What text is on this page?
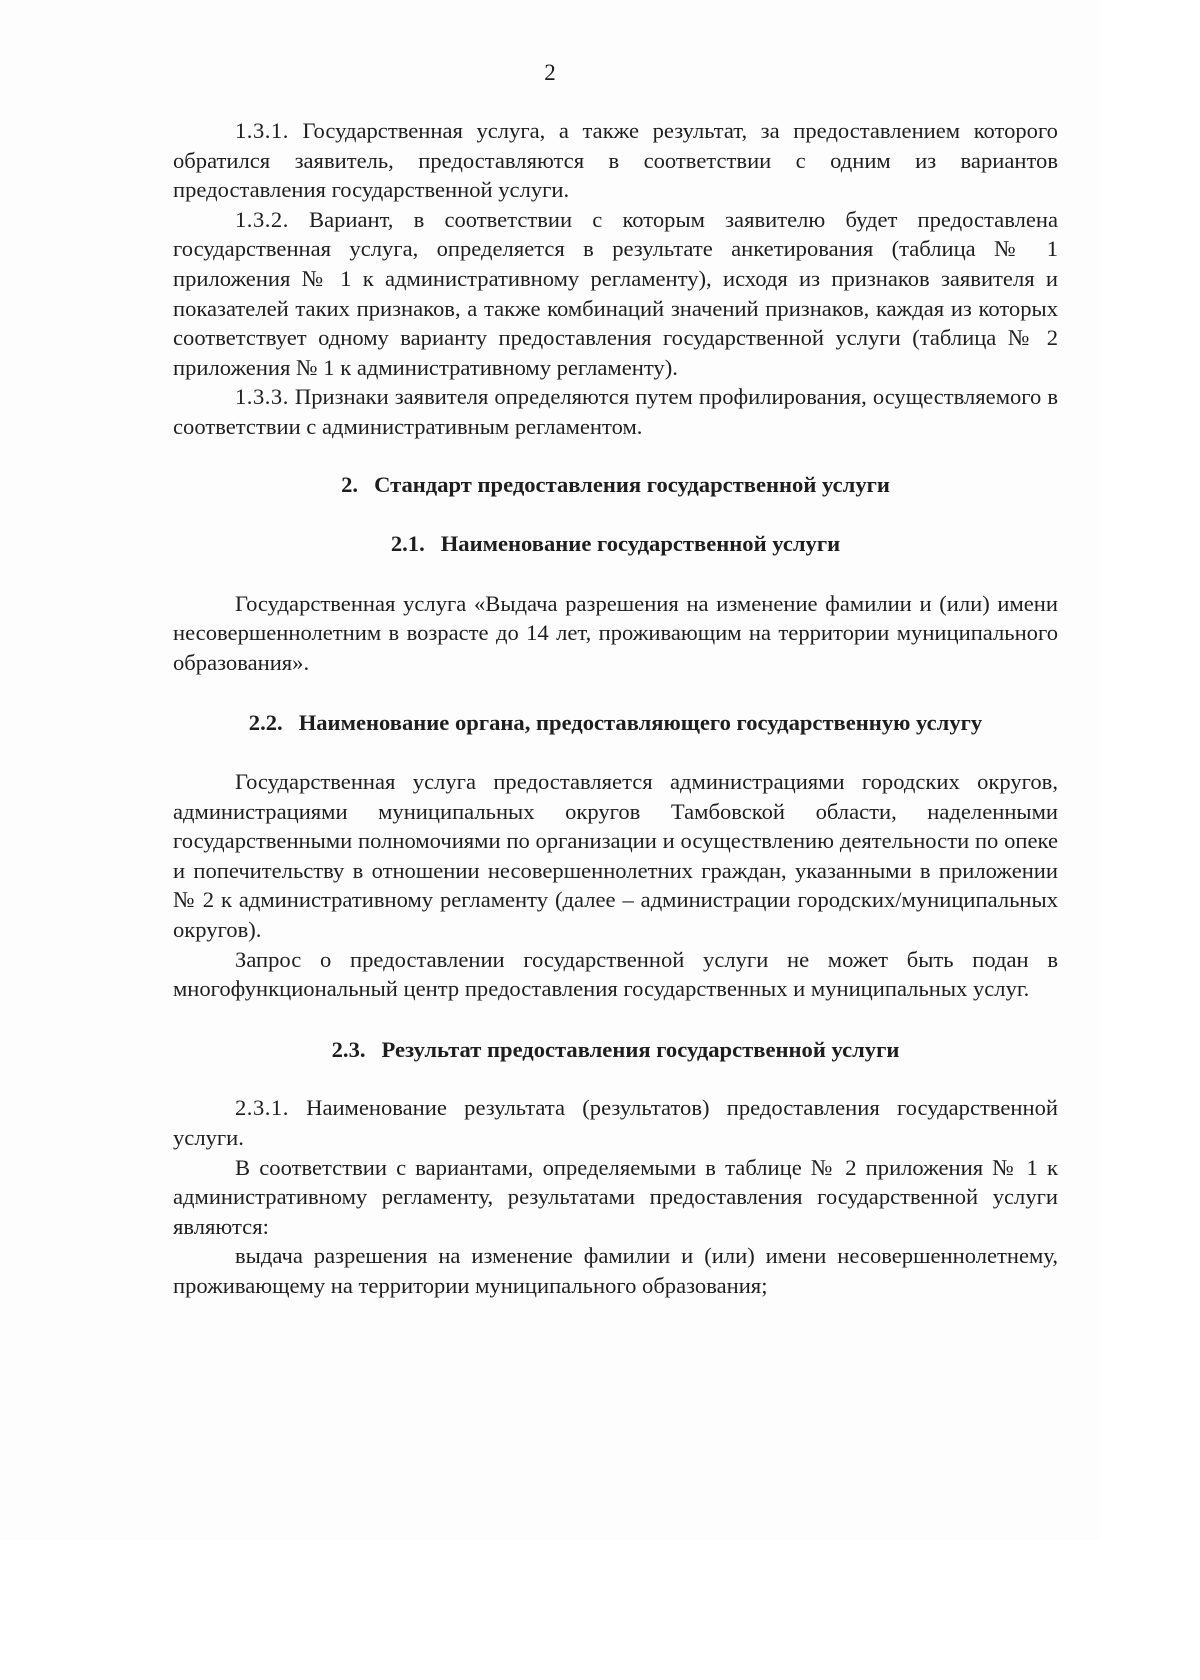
2

1.3.1. Государственная услуга, а также результат, за предоставлением которого обратился заявитель, предоставляются в соответствии с одним из вариантов предоставления государственной услуги.

1.3.2. Вариант, в соответствии с которым заявителю будет предоставлена государственная услуга, определяется в результате анкетирования (таблица № 1 приложения № 1 к административному регламенту), исходя из признаков заявителя и показателей таких признаков, а также комбинаций значений признаков, каждая из которых соответствует одному варианту предоставления государственной услуги (таблица № 2 приложения № 1 к административному регламенту).

1.3.3. Признаки заявителя определяются путем профилирования, осуществляемого в соответствии с административным регламентом.

2. Стандарт предоставления государственной услуги
2.1. Наименование государственной услуги

Государственная услуга «Выдача разрешения на изменение фамилии и (или) имени несовершеннолетним в возрасте до 14 лет, проживающим на территории муниципального образования».

2.2. Наименование органа, предоставляющего государственную услугу

Государственная услуга предоставляется администрациями городских округов, администрациями муниципальных округов Тамбовской области, наделенными государственными полномочиями по организации и осуществлению деятельности по опеке и попечительству в отношении несовершеннолетних граждан, указанными в приложении № 2 к административному регламенту (далее – администрации городских/муниципальных округов).

Запрос о предоставлении государственной услуги не может быть подан в многофункциональный центр предоставления государственных и муниципальных услуг.

2.3. Результат предоставления государственной услуги

2.3.1. Наименование результата (результатов) предоставления государственной услуги.

В соответствии с вариантами, определяемыми в таблице № 2 приложения № 1 к административному регламенту, результатами предоставления государственной услуги являются:

выдача разрешения на изменение фамилии и (или) имени несовершеннолетнему, проживающему на территории муниципального образования;
